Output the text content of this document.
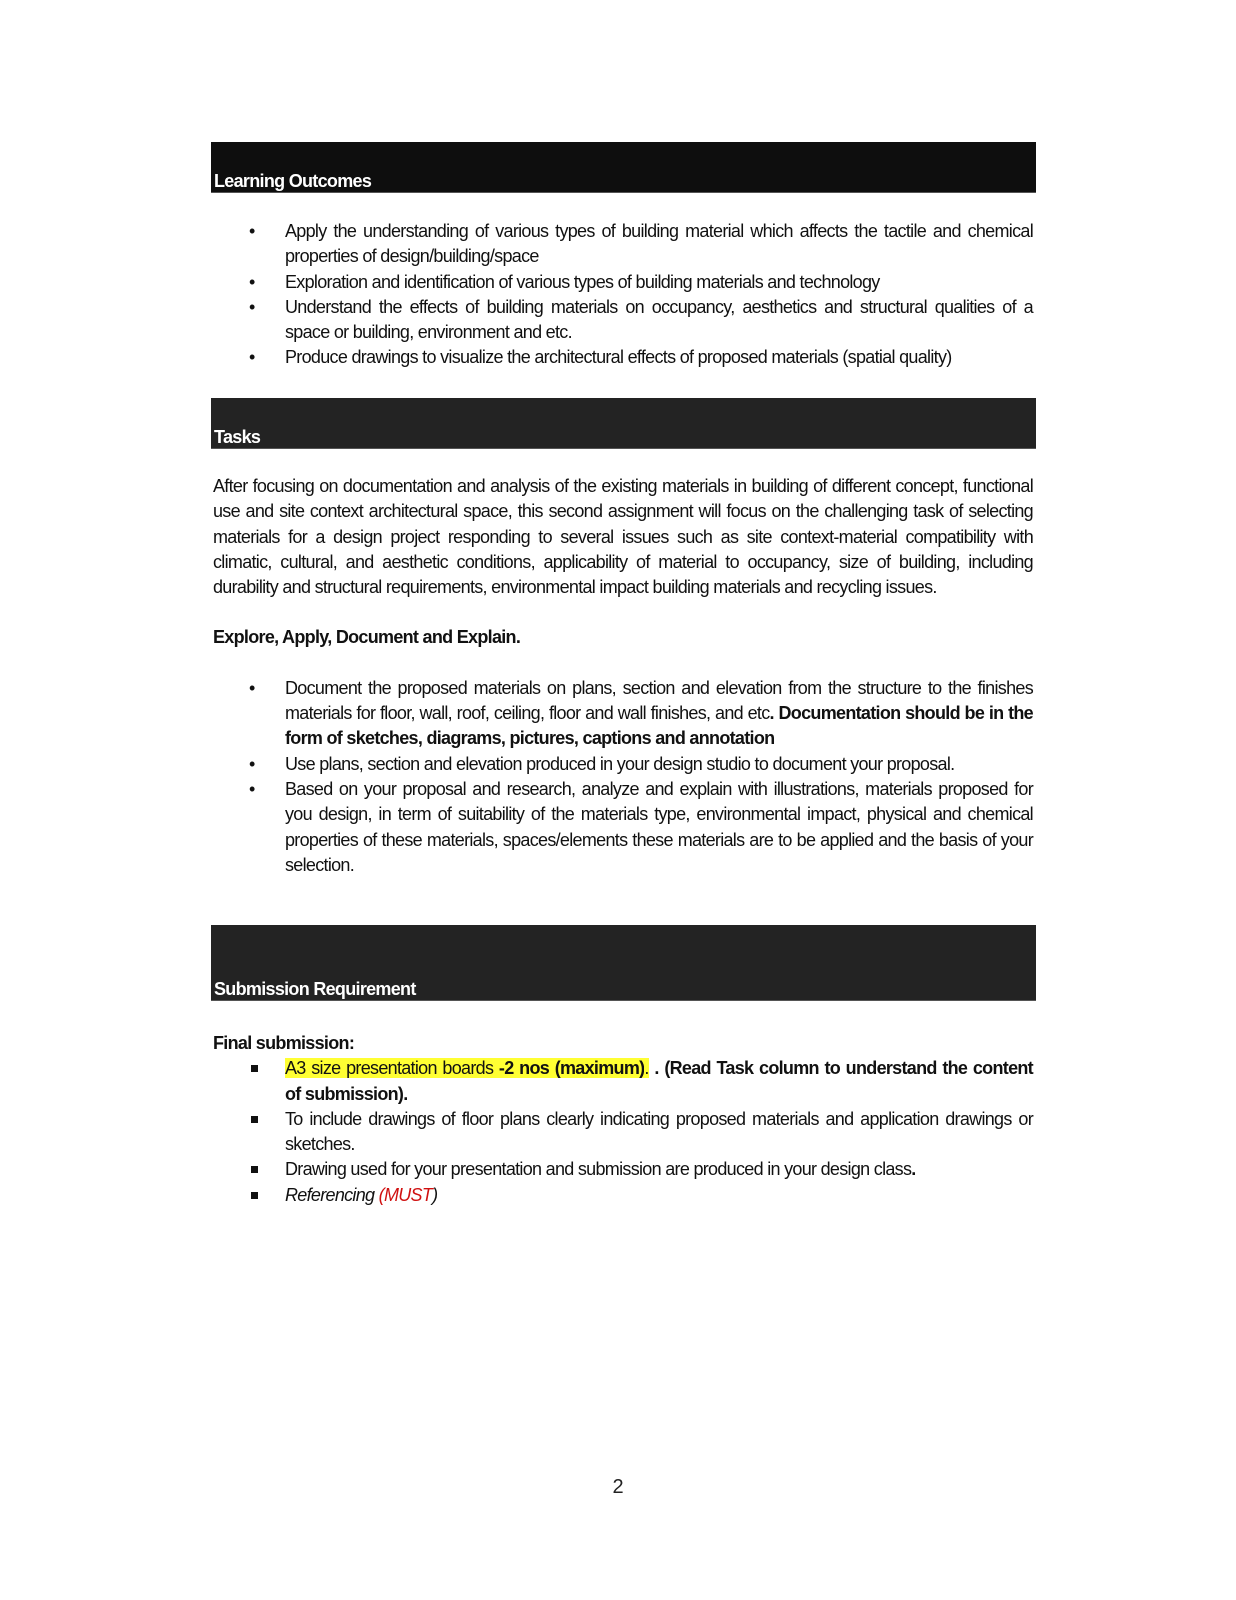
Learning Outcomes
• Apply the understanding of various types of building material which affects the tactile and chemical properties of design/building/space
• Exploration and identification of various types of building materials and technology
• Understand the effects of building materials on occupancy, aesthetics and structural qualities of a space or building, environment and etc.
• Produce drawings to visualize the architectural effects of proposed materials (spatial quality)
Tasks

After focusing on documentation and analysis of the existing materials in building of different concept, functional use and site context architectural space, this second assignment will focus on the challenging task of selecting materials for a design project responding to several issues such as site context-material compatibility with climatic, cultural, and aesthetic conditions, applicability of material to occupancy, size of building, including durability and structural requirements, environmental impact building materials and recycling issues.

Explore, Apply, Document and Explain.

• Document the proposed materials on plans, section and elevation from the structure to the finishes materials for floor, wall, roof, ceiling, floor and wall finishes, and etc. Documentation should be in the form of sketches, diagrams, pictures, captions and annotation
• Use plans, section and elevation produced in your design studio to document your proposal.
• Based on your proposal and research, analyze and explain with illustrations, materials proposed for you design, in term of suitability of the materials type, environmental impact, physical and chemical properties of these materials, spaces/elements these materials are to be applied and the basis of your selection.
Submission Requirement

Final submission:

A3 size presentation boards -2 nos (maximum). . (Read Task column to understand the content of submission).
To include drawings of floor plans clearly indicating proposed materials and application drawings or sketches.
Drawing used for your presentation and submission are produced in your design class.
Referencing (MUST)
2
